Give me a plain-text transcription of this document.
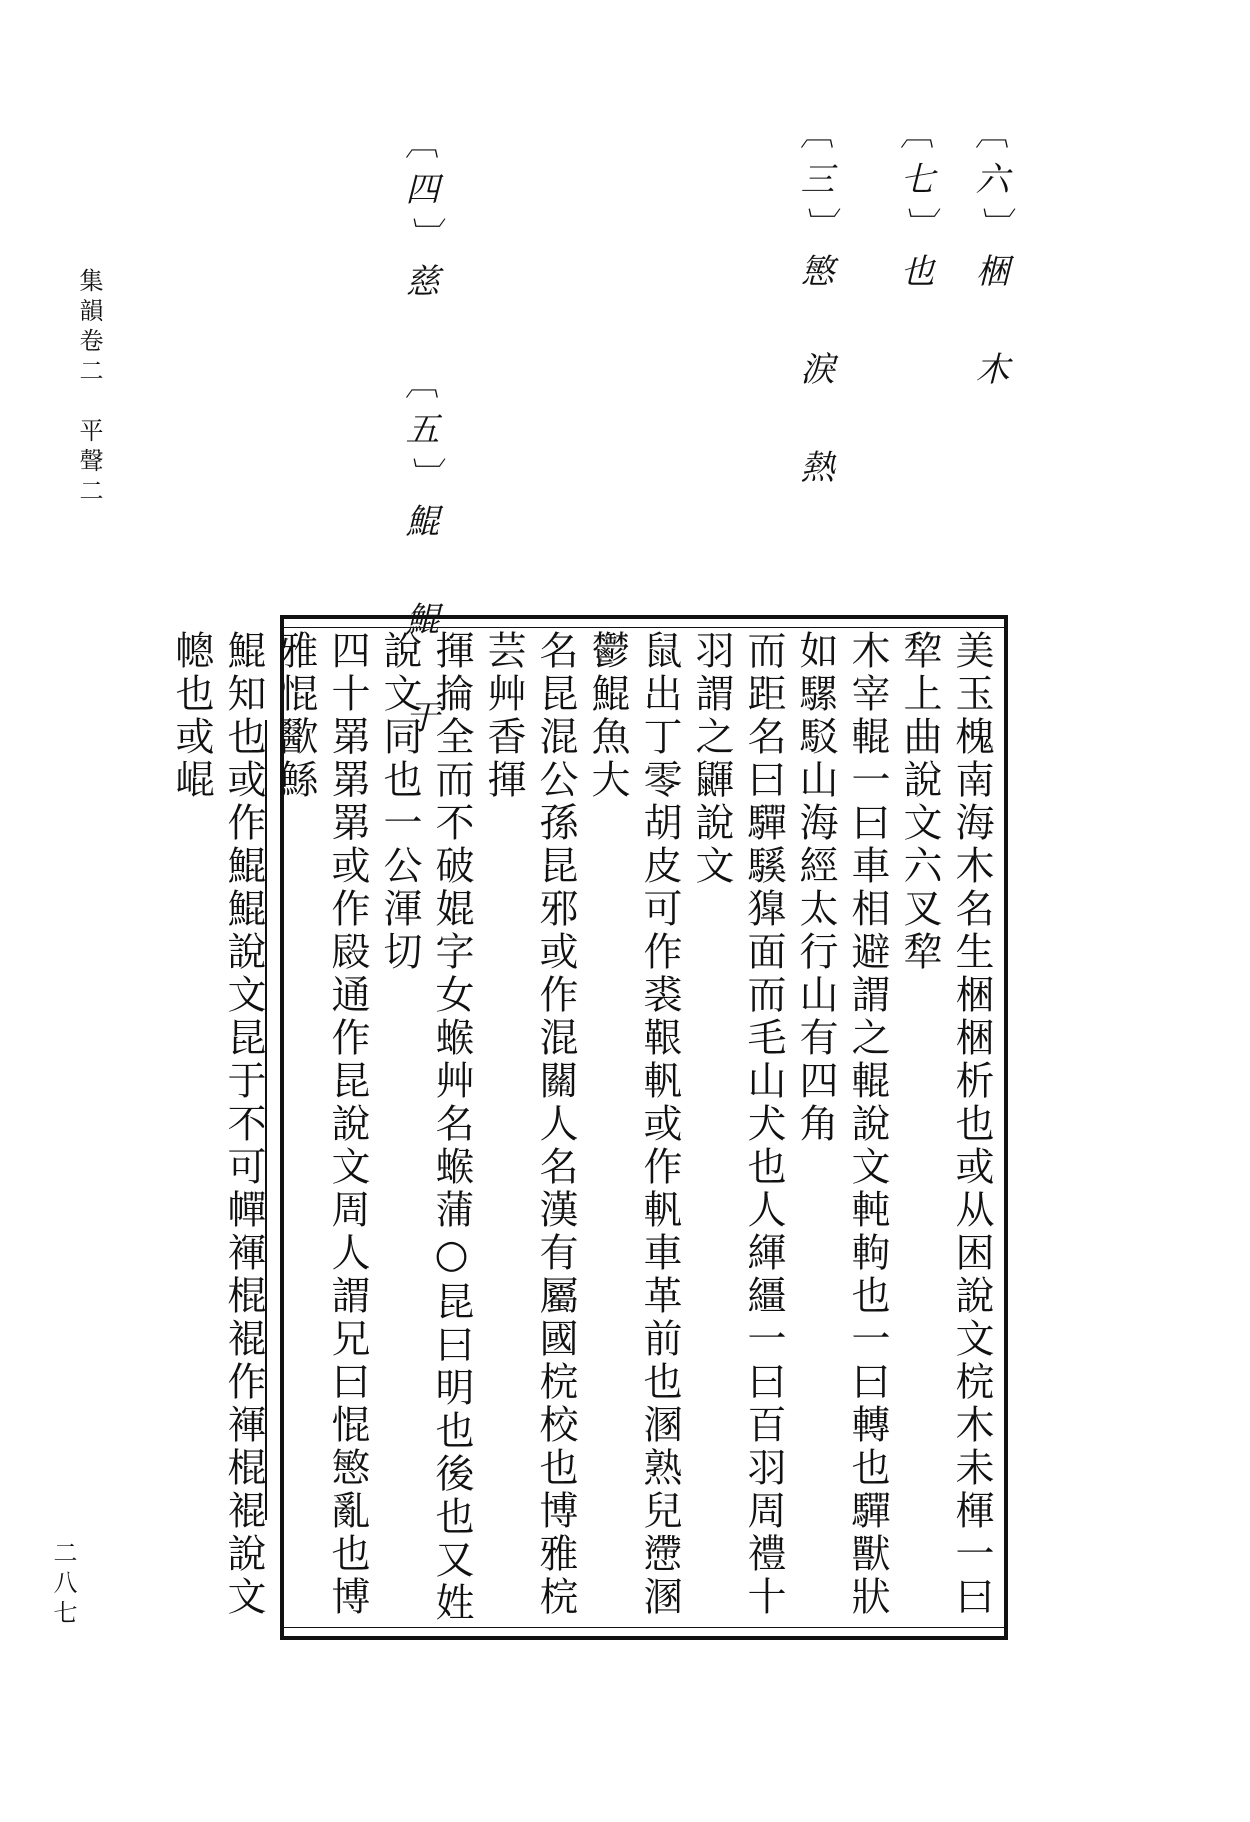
集韻卷二　平聲二
二八七
〔六〕梱 木
〔七〕也
〔三〕慜 淚 熱
〔四〕慈
〔五〕鯤 鯤 于
美玉槐南海木名生梱梱析也或从困說文梡木未楎一曰犂上曲說文六叉犂
木宰輥一曰車相避謂之輥說文軘軥也一曰轉也驒獸狀如騾駁山海經太行山有四角
而距名曰驒騱獋面而毛山犬也人緷繮一曰百羽周禮十羽謂之鼲說文
鼠出丁零胡皮可作裘鞎軓或作軓車革前也溷熟兒懘溷鬱鯤魚大
名昆混公孫昆邪或作混關人名漢有屬國梡校也博雅梡芸艸香揮
揮掄全而不破婫字女䗔艸名䗔蒲○昆曰明也後也又姓說文同也一公渾切
四十罤罤罤或作㲀通作昆說文周人謂兄曰惃慜亂也博雅惃歠鯀
鯤知也或作鯤鯤說文昆于不可幝褌棍裩作褌棍裩說文幒也或崐
